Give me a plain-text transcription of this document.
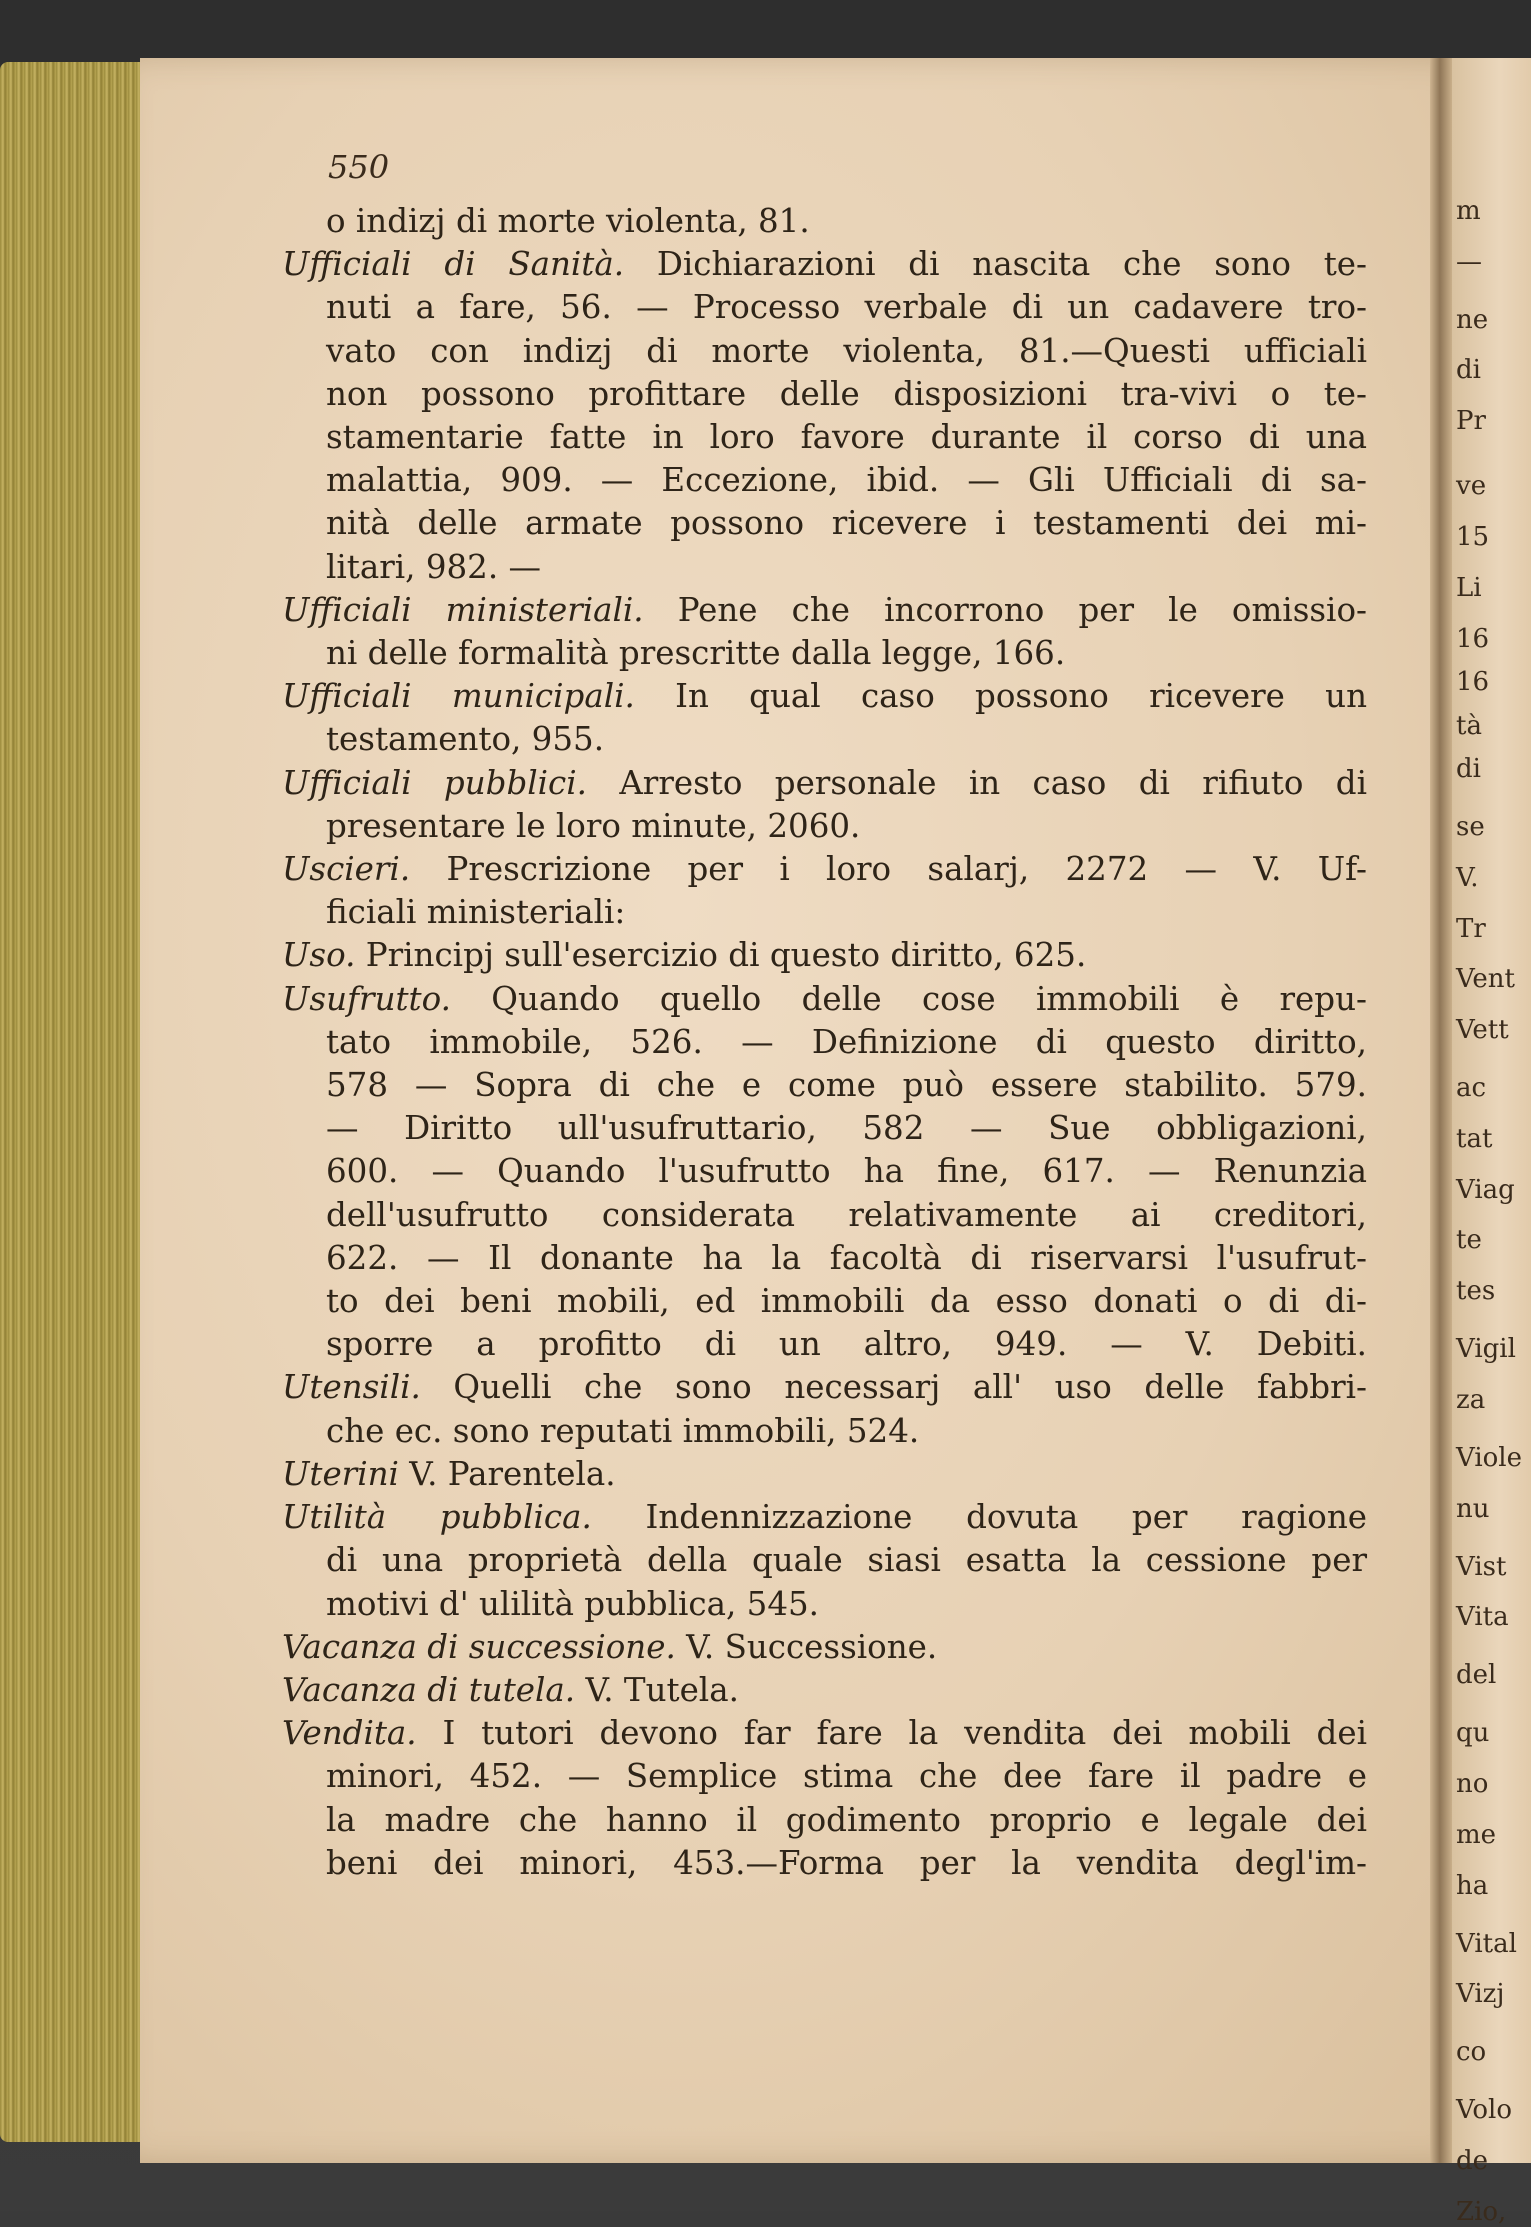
m
—
ne
di
Pr
ve
15
Li
16
16
tà
di
se
V.
Tr
Vent
Vett
ac
tat
Viag
te
tes
Vigil
za
Viole
nu
Vist
Vita
del
qu
no
me
ha
Vital
Vizj
co
Volo
de
Zio,
550
o indizj di morte violenta, 81.
Ufficiali di Sanità. Dichiarazioni di nascita che sono te-
nuti a fare, 56. — Processo verbale di un cadavere tro-
vato con indizj di morte violenta, 81.—Questi ufficiali
non possono profittare delle disposizioni tra-vivi o te-
stamentarie fatte in loro favore durante il corso di una
malattia, 909. — Eccezione, ibid. — Gli Ufficiali di sa-
nità delle armate possono ricevere i testamenti dei mi-
litari, 982. —
Ufficiali ministeriali. Pene che incorrono per le omissio-
ni delle formalità prescritte dalla legge, 166.
Ufficiali municipali. In qual caso possono ricevere un
testamento, 955.
Ufficiali pubblici. Arresto personale in caso di rifiuto di
presentare le loro minute, 2060.
Uscieri. Prescrizione per i loro salarj, 2272 — V. Uf-
ficiali ministeriali:
Uso. Principj sull'esercizio di questo diritto, 625.
Usufrutto. Quando quello delle cose immobili è repu-
tato immobile, 526. — Definizione di questo diritto,
578 — Sopra di che e come può essere stabilito. 579.
— Diritto ull'usufruttario, 582 — Sue obbligazioni,
600. — Quando l'usufrutto ha fine, 617. — Renunzia
dell'usufrutto considerata relativamente ai creditori,
622. — Il donante ha la facoltà di riservarsi l'usufrut-
to dei beni mobili, ed immobili da esso donati o di di-
sporre a profitto di un altro, 949. — V. Debiti.
Utensili. Quelli che sono necessarj all' uso delle fabbri-
che ec. sono reputati immobili, 524.
Uterini V. Parentela.
Utilità pubblica. Indennizzazione dovuta per ragione
di una proprietà della quale siasi esatta la cessione per
motivi d' ulilità pubblica, 545.
Vacanza di successione. V. Successione.
Vacanza di tutela. V. Tutela.
Vendita. I tutori devono far fare la vendita dei mobili dei
minori, 452. — Semplice stima che dee fare il padre e
la madre che hanno il godimento proprio e legale dei
beni dei minori, 453.—Forma per la vendita degl'im-
